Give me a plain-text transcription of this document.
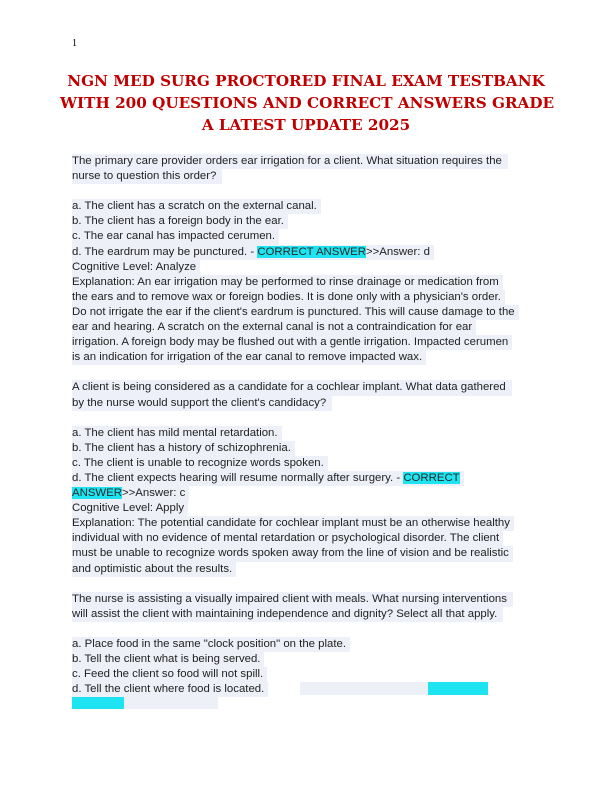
1
NGN MED SURG PROCTORED FINAL EXAM TESTBANK
WITH 200 QUESTIONS AND CORRECT ANSWERS GRADE
A LATEST UPDATE 2025
The primary care provider orders ear irrigation for a client. What situation requires the
nurse to question this order?
a. The client has a scratch on the external canal.
b. The client has a foreign body in the ear.
c. The ear canal has impacted cerumen.
d. The eardrum may be punctured. - CORRECT ANSWER>>Answer: d
Cognitive Level: Analyze
Explanation: An ear irrigation may be performed to rinse drainage or medication from
the ears and to remove wax or foreign bodies. It is done only with a physician's order.
Do not irrigate the ear if the client's eardrum is punctured. This will cause damage to the
ear and hearing. A scratch on the external canal is not a contraindication for ear
irrigation. A foreign body may be flushed out with a gentle irrigation. Impacted cerumen
is an indication for irrigation of the ear canal to remove impacted wax.
A client is being considered as a candidate for a cochlear implant. What data gathered
by the nurse would support the client's candidacy?
a. The client has mild mental retardation.
b. The client has a history of schizophrenia.
c. The client is unable to recognize words spoken.
d. The client expects hearing will resume normally after surgery. - CORRECT
ANSWER>>Answer: c
Cognitive Level: Apply
Explanation: The potential candidate for cochlear implant must be an otherwise healthy
individual with no evidence of mental retardation or psychological disorder. The client
must be unable to recognize words spoken away from the line of vision and be realistic
and optimistic about the results.
The nurse is assisting a visually impaired client with meals. What nursing interventions
will assist the client with maintaining independence and dignity? Select all that apply.
a. Place food in the same "clock position" on the plate.
b. Tell the client what is being served.
c. Feed the client so food will not spill.
d. Tell the client where food is located.
